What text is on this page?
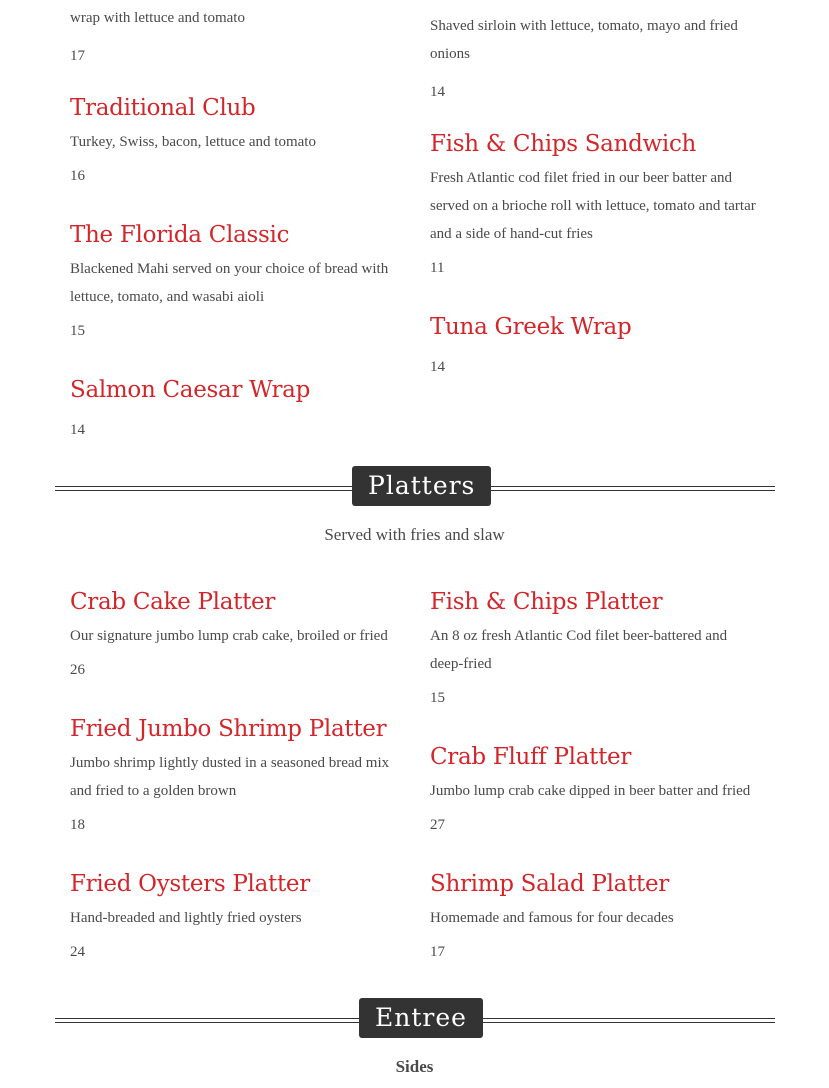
wrap with lettuce and tomato
17
Shaved sirloin with lettuce, tomato, mayo and fried onions
14
Traditional Club
Turkey, Swiss, bacon, lettuce and tomato
16
Fish & Chips Sandwich
Fresh Atlantic cod filet fried in our beer batter and served on a brioche roll with lettuce, tomato and tartar and a side of hand-cut fries
11
The Florida Classic
Blackened Mahi served on your choice of bread with lettuce, tomato, and wasabi aioli
15	Tuna Greek Wrap
14
Salmon Caesar Wrap
14
Platters
Served with fries and slaw
Crab Cake Platter
Our signature jumbo lump crab cake, broiled or fried
26
Fish & Chips Platter
An 8 oz fresh Atlantic Cod filet beer-battered and deep-fried
15
Fried Jumbo Shrimp Platter
Jumbo shrimp lightly dusted in a seasoned bread mix and fried to a golden brown
18
Crab Fluff Platter
Jumbo lump crab cake dipped in beer batter and fried
27
Fried Oysters Platter
Hand-breaded and lightly fried oysters
24
Shrimp Salad Platter
Homemade and famous for four decades
17
Entree
Sides
